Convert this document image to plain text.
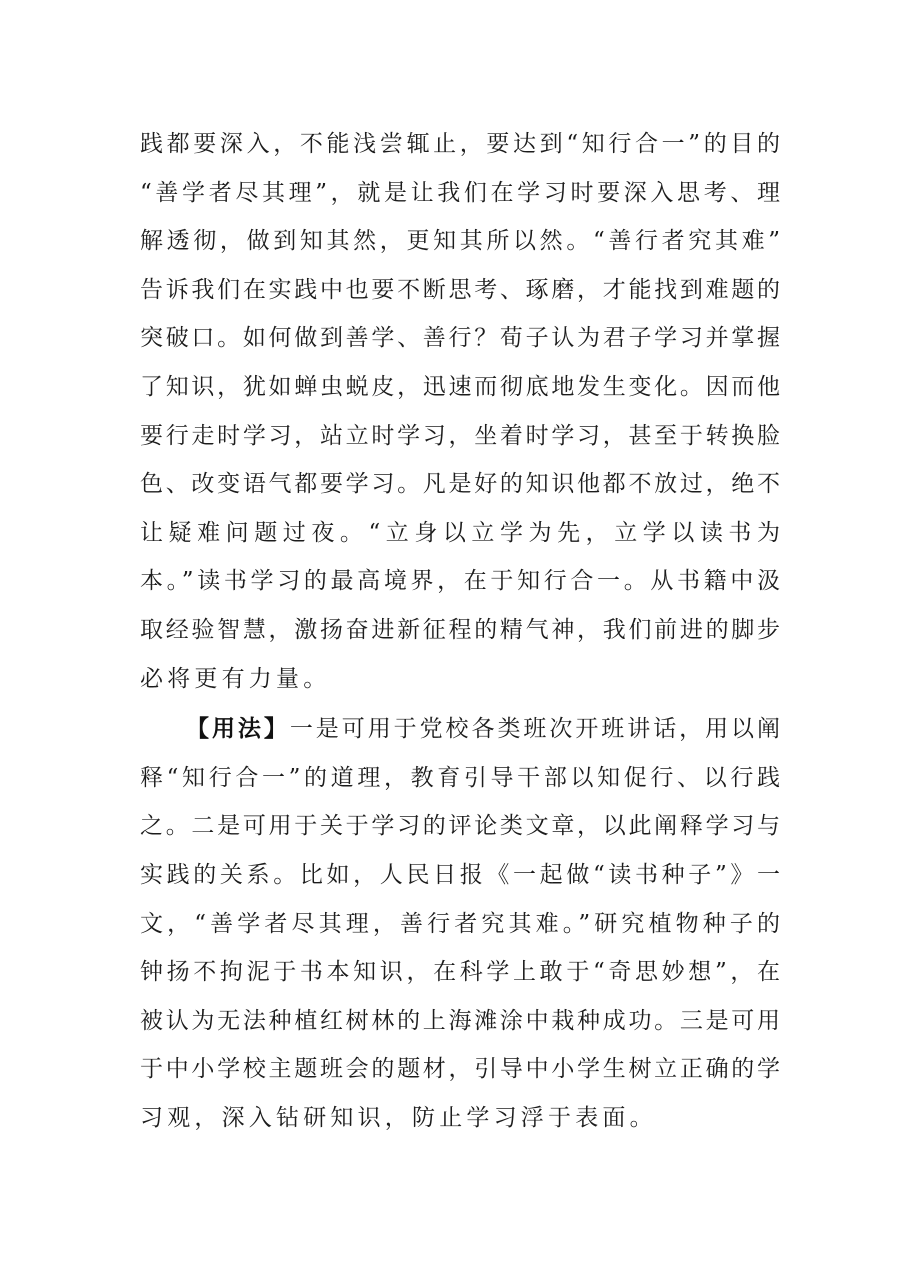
践都要深入，不能浅尝辄止，要达到“知行合一”的目的
“善学者尽其理”，就是让我们在学习时要深入思考、理
解透彻，做到知其然，更知其所以然。“善行者究其难”
告诉我们在实践中也要不断思考、琢磨，才能找到难题的
突破口。如何做到善学、善行？荀子认为君子学习并掌握
了知识，犹如蝉虫蜕皮，迅速而彻底地发生变化。因而他
要行走时学习，站立时学习，坐着时学习，甚至于转换脸
色、改变语气都要学习。凡是好的知识他都不放过，绝不
让疑难问题过夜。“立身以立学为先，立学以读书为
本。”读书学习的最高境界，在于知行合一。从书籍中汲
取经验智慧，激扬奋进新征程的精气神，我们前进的脚步
必将更有力量。
【用法】一是可用于党校各类班次开班讲话，用以阐
释“知行合一”的道理，教育引导干部以知促行、以行践
之。二是可用于关于学习的评论类文章，以此阐释学习与
实践的关系。比如，人民日报《一起做“读书种子”》一
文，“善学者尽其理，善行者究其难。”研究植物种子的
钟扬不拘泥于书本知识，在科学上敢于“奇思妙想”，在
被认为无法种植红树林的上海滩涂中栽种成功。三是可用
于中小学校主题班会的题材，引导中小学生树立正确的学
习观，深入钻研知识，防止学习浮于表面。
